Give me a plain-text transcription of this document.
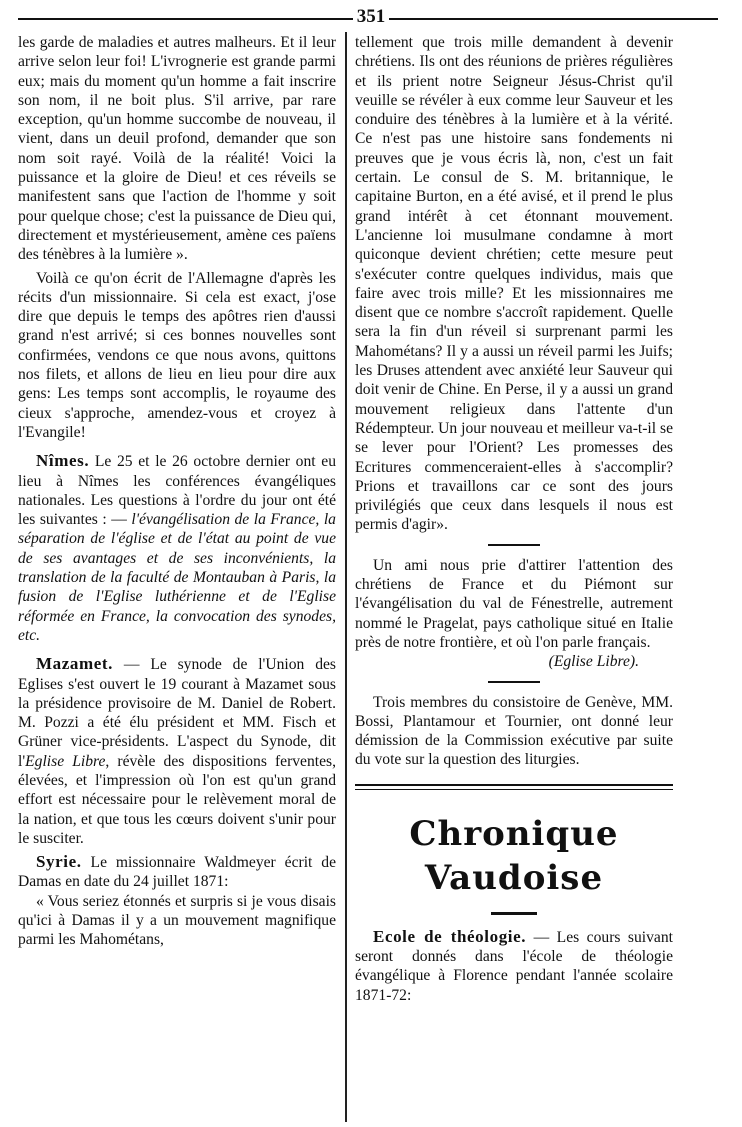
351

les garde de maladies et autres malheurs. Et il leur arrive selon leur foi! L'ivrognerie est grande parmi eux; mais du moment qu'un homme a fait inscrire son nom, il ne boit plus. S'il arrive, par rare exception, qu'un homme succombe de nouveau, il vient, dans un deuil profond, demander que son nom soit rayé. Voilà de la réalité! Voici la puissance et la gloire de Dieu! et ces réveils se manifestent sans que l'action de l'homme y soit pour quelque chose; c'est la puissance de Dieu qui, directement et mystérieusement, amène ces païens des ténèbres à la lumière ».

Voilà ce qu'on écrit de l'Allemagne d'après les récits d'un missionnaire. Si cela est exact, j'ose dire que depuis le temps des apôtres rien d'aussi grand n'est arrivé; si ces bonnes nouvelles sont confirmées, vendons ce que nous avons, quittons nos filets, et allons de lieu en lieu pour dire aux gens: Les temps sont accomplis, le royaume des cieux s'approche, amendez-vous et croyez à l'Evangile!

Nîmes. Le 25 et le 26 octobre dernier ont eu lieu à Nîmes les conférences évangéliques nationales. Les questions à l'ordre du jour ont été les suivantes : — l'évangélisation de la France, la séparation de l'église et de l'état au point de vue de ses avantages et de ses inconvénients, la translation de la faculté de Montauban à Paris, la fusion de l'Eglise luthérienne et de l'Eglise réformée en France, la convocation des synodes, etc.

Mazamet. — Le synode de l'Union des Eglises s'est ouvert le 19 courant à Mazamet sous la présidence provisoire de M. Daniel de Robert. M. Pozzi a été élu président et MM. Fisch et Grüner vice-présidents. L'aspect du Synode, dit l'Eglise Libre, révèle des dispositions ferventes, élevées, et l'impression où l'on est qu'un grand effort est nécessaire pour le relèvement moral de la nation, et que tous les cœurs doivent s'unir pour le susciter.

Syrie. Le missionnaire Waldmeyer écrit de Damas en date du 24 juillet 1871:

« Vous seriez étonnés et surpris si je vous disais qu'ici à Damas il y a un mouvement magnifique parmi les Mahométans,

tellement que trois mille demandent à devenir chrétiens. Ils ont des réunions de prières régulières et ils prient notre Seigneur Jésus-Christ qu'il veuille se révéler à eux comme leur Sauveur et les conduire des ténèbres à la lumière et à la vérité. Ce n'est pas une histoire sans fondements ni preuves que je vous écris là, non, c'est un fait certain. Le consul de S. M. britannique, le capitaine Burton, en a été avisé, et il prend le plus grand intérêt à cet étonnant mouvement. L'ancienne loi musulmane condamne à mort quiconque devient chrétien; cette mesure peut s'exécuter contre quelques individus, mais que faire avec trois mille? Et les missionnaires me disent que ce nombre s'accroît rapidement. Quelle sera la fin d'un réveil si surprenant parmi les Mahométans? Il y a aussi un réveil parmi les Juifs; les Druses attendent avec anxiété leur Sauveur qui doit venir de Chine. En Perse, il y a aussi un grand mouvement religieux dans l'attente d'un Rédempteur. Un jour nouveau et meilleur va-t-il se se lever pour l'Orient? Les promesses des Ecritures commenceraient-elles à s'accomplir? Prions et travaillons car ce sont des jours privilégiés que ceux dans lesquels il nous est permis d'agir».

Un ami nous prie d'attirer l'attention des chrétiens de France et du Piémont sur l'évangélisation du val de Fénestrelle, autrement nommé le Pragelat, pays catholique situé en Italie près de notre frontière, et où l'on parle français.

(Eglise Libre).

Trois membres du consistoire de Genève, MM. Bossi, Plantamour et Tournier, ont donné leur démission de la Commission exécutive par suite du vote sur la question des liturgies.

Chronique Vaudoise

Ecole de théologie. — Les cours suivant seront donnés dans l'école de théologie évangélique à Florence pendant l'année scolaire 1871-72:
